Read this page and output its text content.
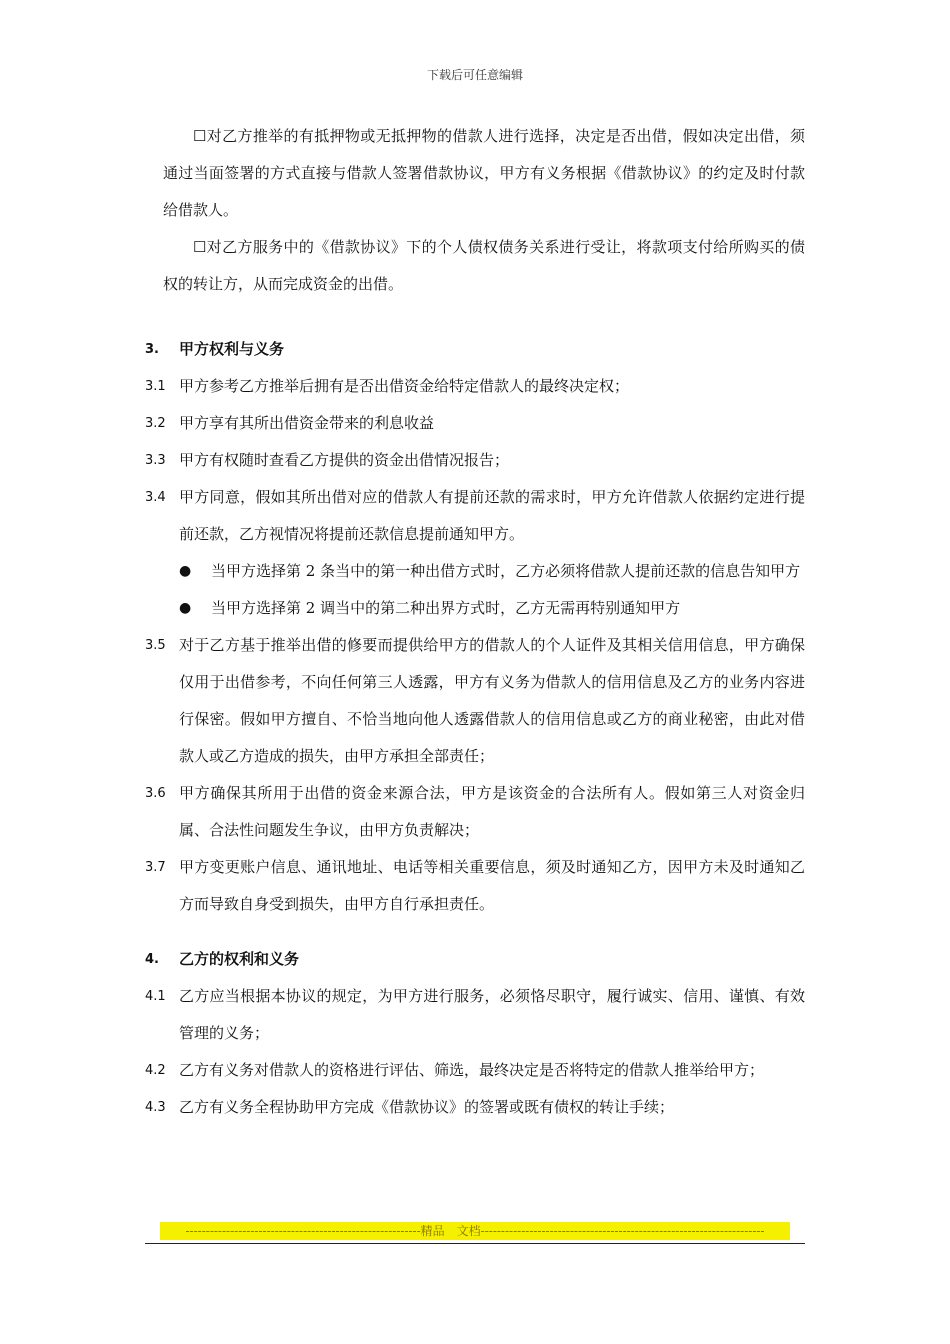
下载后可任意编辑

☐对乙方推举的有抵押物或无抵押物的借款人进行选择，决定是否出借，假如决定出借，须通过当面签署的方式直接与借款人签署借款协议，甲方有义务根据《借款协议》的约定及时付款给借款人。

☐对乙方服务中的《借款协议》下的个人债权债务关系进行受让，将款项支付给所购买的债权的转让方，从而完成资金的出借。

3.	甲方权利与义务
3.1 甲方参考乙方推举后拥有是否出借资金给特定借款人的最终决定权；
3.2 甲方享有其所出借资金带来的利息收益
3.3 甲方有权随时查看乙方提供的资金出借情况报告；
3.4 甲方同意，假如其所出借对应的借款人有提前还款的需求时，甲方允许借款人依据约定进行提前还款，乙方视情况将提前还款信息提前通知甲方。
●	当甲方选择第 2 条当中的第一种出借方式时，乙方必须将借款人提前还款的信息告知甲方
●	当甲方选择第 2 调当中的第二种出界方式时，乙方无需再特别通知甲方
3.5 对于乙方基于推举出借的修要而提供给甲方的借款人的个人证件及其相关信用信息，甲方确保仅用于出借参考，不向任何第三人透露，甲方有义务为借款人的信用信息及乙方的业务内容进行保密。假如甲方擅自、不恰当地向他人透露借款人的信用信息或乙方的商业秘密，由此对借款人或乙方造成的损失，由甲方承担全部责任；
3.6 甲方确保其所用于出借的资金来源合法，甲方是该资金的合法所有人。假如第三人对资金归属、合法性问题发生争议，由甲方负责解决；
3.7 甲方变更账户信息、通讯地址、电话等相关重要信息，须及时通知乙方，因甲方未及时通知乙方而导致自身受到损失，由甲方自行承担责任。
4.	乙方的权利和义务
4.1 乙方应当根据本协议的规定，为甲方进行服务，必须恪尽职守，履行诚实、信用、谨慎、有效管理的义务；
4.2 乙方有义务对借款人的资格进行评估、筛选，最终决定是否将特定的借款人推举给甲方；
4.3 乙方有义务全程协助甲方完成《借款协议》的签署或既有债权的转让手续；
----------------------------------------------------------精品　文档----------------------------------------------------------------------
